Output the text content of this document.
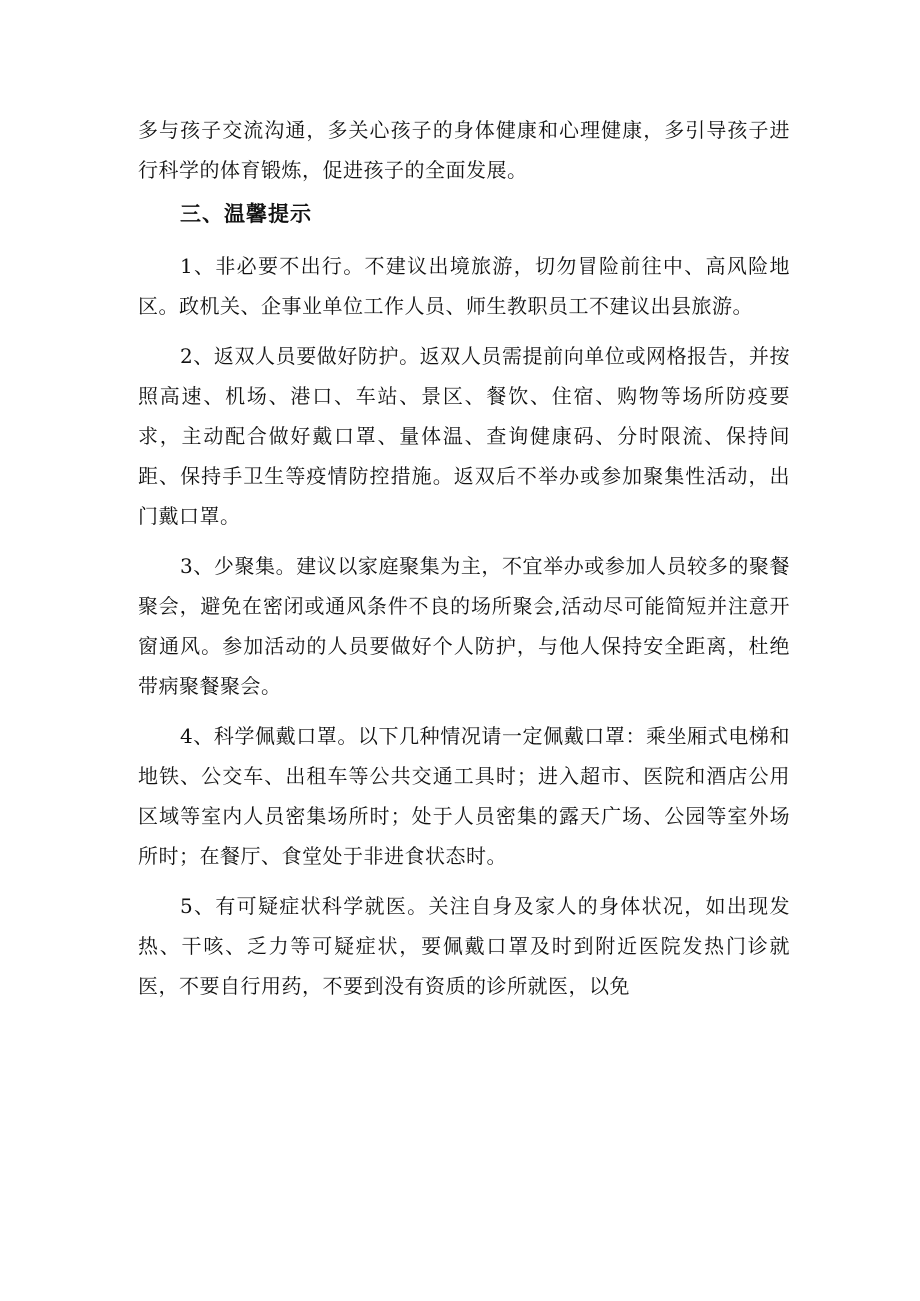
多与孩子交流沟通，多关心孩子的身体健康和心理健康，多引导孩子进行科学的体育锻炼，促进孩子的全面发展。

三、温馨提示

1、非必要不出行。不建议出境旅游，切勿冒险前往中、高风险地区。政机关、企事业单位工作人员、师生教职员工不建议出县旅游。

2、返双人员要做好防护。返双人员需提前向单位或网格报告，并按照高速、机场、港口、车站、景区、餐饮、住宿、购物等场所防疫要求，主动配合做好戴口罩、量体温、查询健康码、分时限流、保持间距、保持手卫生等疫情防控措施。返双后不举办或参加聚集性活动，出门戴口罩。

3、少聚集。建议以家庭聚集为主，不宜举办或参加人员较多的聚餐聚会，避免在密闭或通风条件不良的场所聚会,活动尽可能简短并注意开窗通风。参加活动的人员要做好个人防护，与他人保持安全距离，杜绝带病聚餐聚会。

4、科学佩戴口罩。以下几种情况请一定佩戴口罩：乘坐厢式电梯和地铁、公交车、出租车等公共交通工具时；进入超市、医院和酒店公用区域等室内人员密集场所时；处于人员密集的露天广场、公园等室外场所时；在餐厅、食堂处于非进食状态时。

5、有可疑症状科学就医。关注自身及家人的身体状况，如出现发热、干咳、乏力等可疑症状，要佩戴口罩及时到附近医院发热门诊就医，不要自行用药，不要到没有资质的诊所就医，以免
